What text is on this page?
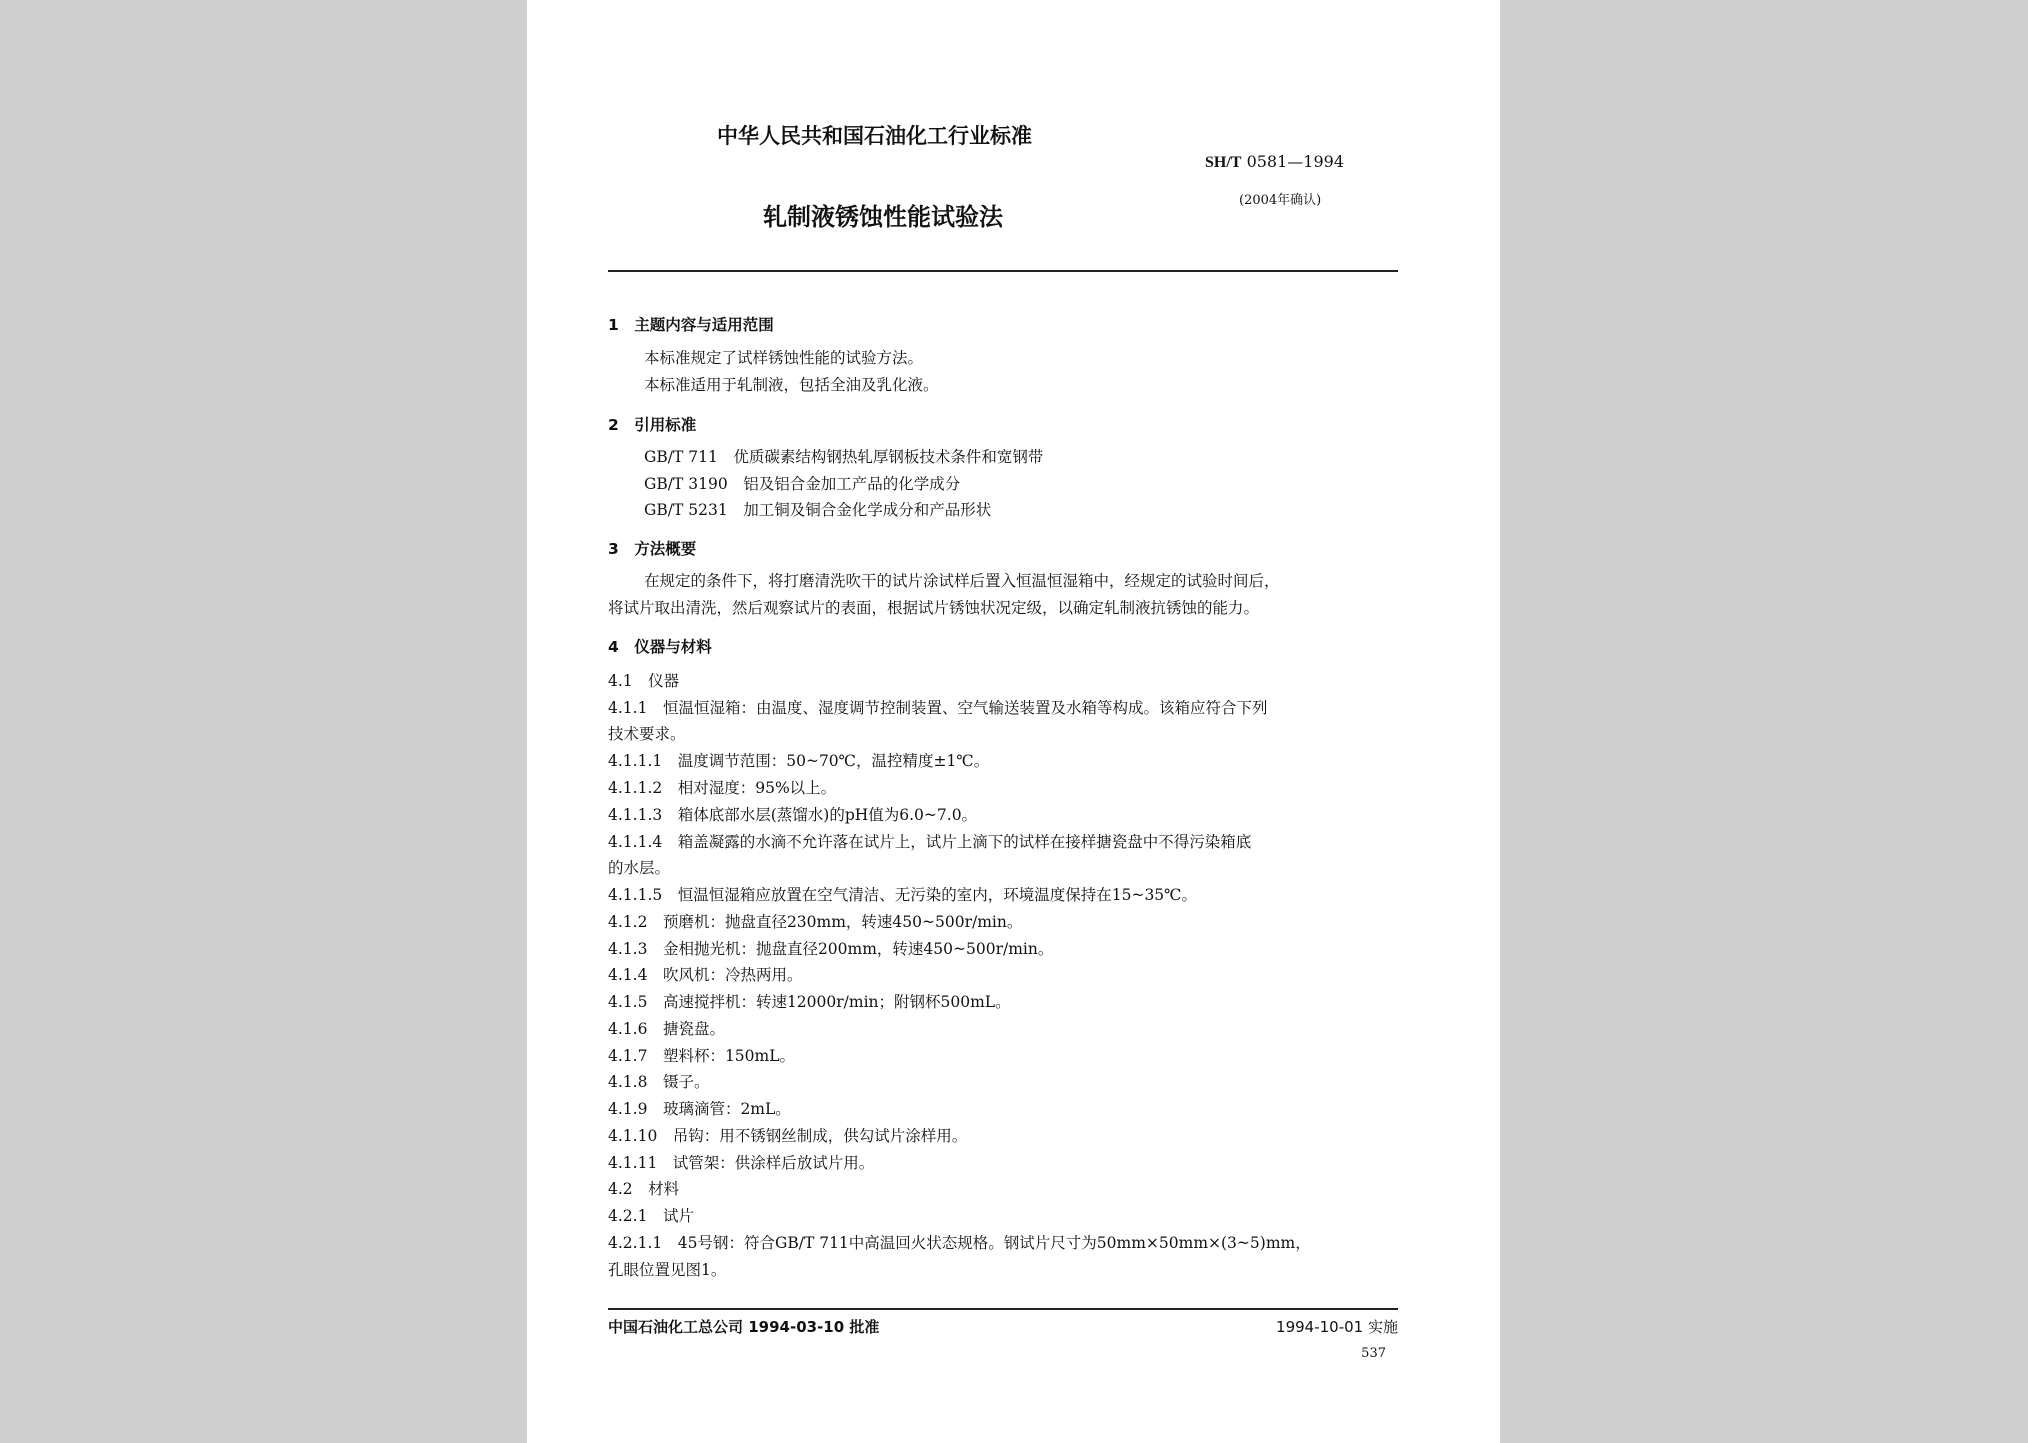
中华人民共和国石油化工行业标准
SH/T 0581—1994
(2004年确认)
轧制液锈蚀性能试验法
1　主题内容与适用范围
本标准规定了试样锈蚀性能的试验方法。
本标准适用于轧制液，包括全油及乳化液。
2　引用标准
GB/T 711　优质碳素结构钢热轧厚钢板技术条件和宽钢带
GB/T 3190　铝及铝合金加工产品的化学成分
GB/T 5231　加工铜及铜合金化学成分和产品形状
3　方法概要
在规定的条件下，将打磨清洗吹干的试片涂试样后置入恒温恒湿箱中，经规定的试验时间后，
将试片取出清洗，然后观察试片的表面，根据试片锈蚀状况定级，以确定轧制液抗锈蚀的能力。
4　仪器与材料
4.1　仪器
4.1.1　恒温恒湿箱：由温度、湿度调节控制装置、空气输送装置及水箱等构成。该箱应符合下列
技术要求。
4.1.1.1　温度调节范围：50~70℃，温控精度±1℃。
4.1.1.2　相对湿度：95%以上。
4.1.1.3　箱体底部水层(蒸馏水)的pH值为6.0~7.0。
4.1.1.4　箱盖凝露的水滴不允许落在试片上，试片上滴下的试样在接样搪瓷盘中不得污染箱底
的水层。
4.1.1.5　恒温恒湿箱应放置在空气清洁、无污染的室内，环境温度保持在15~35℃。
4.1.2　预磨机：抛盘直径230mm，转速450~500r/min。
4.1.3　金相抛光机：抛盘直径200mm，转速450~500r/min。
4.1.4　吹风机：冷热两用。
4.1.5　高速搅拌机：转速12000r/min；附钢杯500mL。
4.1.6　搪瓷盘。
4.1.7　塑料杯：150mL。
4.1.8　镊子。
4.1.9　玻璃滴管：2mL。
4.1.10　吊钩：用不锈钢丝制成，供勾试片涂样用。
4.1.11　试管架：供涂样后放试片用。
4.2　材料
4.2.1　试片
4.2.1.1　45号钢：符合GB/T 711中高温回火状态规格。钢试片尺寸为50mm×50mm×(3~5)mm，
孔眼位置见图1。
中国石油化工总公司 1994-03-10 批准	1994-10-01 实施
537
